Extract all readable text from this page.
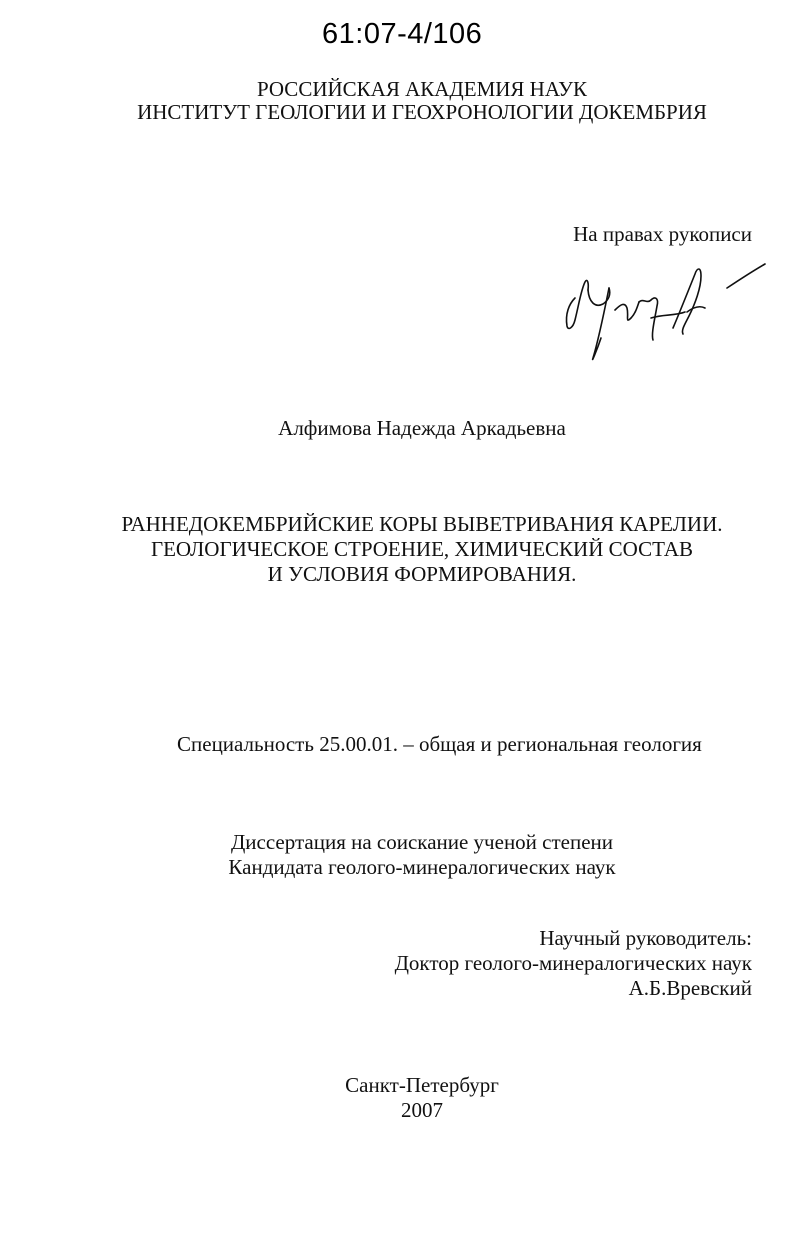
61:07-4/106
РОССИЙСКАЯ АКАДЕМИЯ НАУК
ИНСТИТУТ ГЕОЛОГИИ И ГЕОХРОНОЛОГИИ ДОКЕМБРИЯ
На правах рукописи
Алфимова Надежда Аркадьевна
РАННЕДОКЕМБРИЙСКИЕ КОРЫ ВЫВЕТРИВАНИЯ КАРЕЛИИ.
ГЕОЛОГИЧЕСКОЕ СТРОЕНИЕ, ХИМИЧЕСКИЙ СОСТАВ
И УСЛОВИЯ ФОРМИРОВАНИЯ.
Специальность 25.00.01. – общая и региональная геология
Диссертация на соискание ученой степени
Кандидата геолого-минералогических наук
Научный руководитель:
Доктор геолого-минералогических наук
А.Б.Вревский
Санкт-Петербург
2007
